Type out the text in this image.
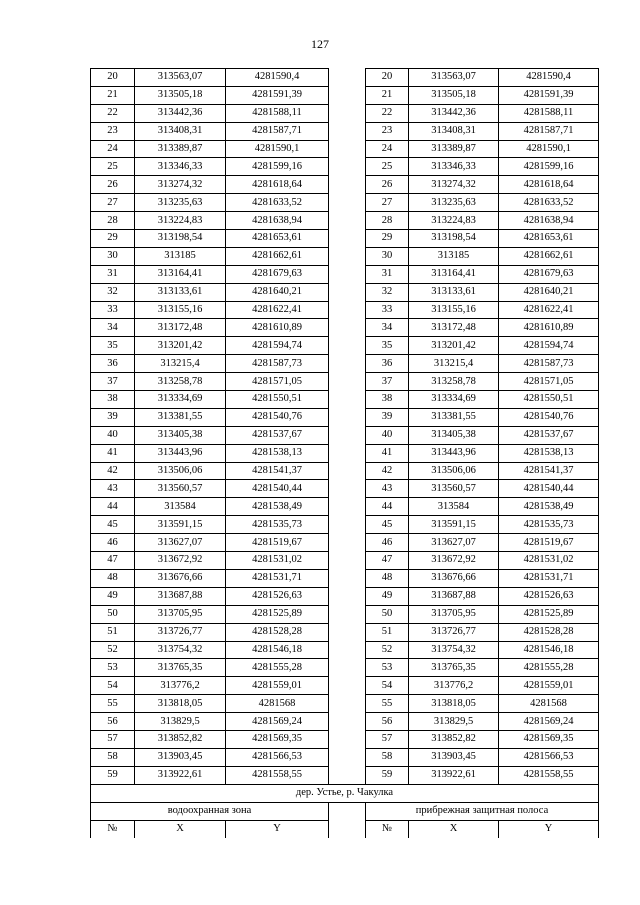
127
20	313563,07	4281590,4		20	313563,07	4281590,4
21	313505,18	4281591,39		21	313505,18	4281591,39
22	313442,36	4281588,11		22	313442,36	4281588,11
23	313408,31	4281587,71		23	313408,31	4281587,71
24	313389,87	4281590,1		24	313389,87	4281590,1
25	313346,33	4281599,16		25	313346,33	4281599,16
26	313274,32	4281618,64		26	313274,32	4281618,64
27	313235,63	4281633,52		27	313235,63	4281633,52
28	313224,83	4281638,94		28	313224,83	4281638,94
29	313198,54	4281653,61		29	313198,54	4281653,61
30	313185	4281662,61		30	313185	4281662,61
31	313164,41	4281679,63		31	313164,41	4281679,63
32	313133,61	4281640,21		32	313133,61	4281640,21
33	313155,16	4281622,41		33	313155,16	4281622,41
34	313172,48	4281610,89		34	313172,48	4281610,89
35	313201,42	4281594,74		35	313201,42	4281594,74
36	313215,4	4281587,73		36	313215,4	4281587,73
37	313258,78	4281571,05		37	313258,78	4281571,05
38	313334,69	4281550,51		38	313334,69	4281550,51
39	313381,55	4281540,76		39	313381,55	4281540,76
40	313405,38	4281537,67		40	313405,38	4281537,67
41	313443,96	4281538,13		41	313443,96	4281538,13
42	313506,06	4281541,37		42	313506,06	4281541,37
43	313560,57	4281540,44		43	313560,57	4281540,44
44	313584	4281538,49		44	313584	4281538,49
45	313591,15	4281535,73		45	313591,15	4281535,73
46	313627,07	4281519,67		46	313627,07	4281519,67
47	313672,92	4281531,02		47	313672,92	4281531,02
48	313676,66	4281531,71		48	313676,66	4281531,71
49	313687,88	4281526,63		49	313687,88	4281526,63
50	313705,95	4281525,89		50	313705,95	4281525,89
51	313726,77	4281528,28		51	313726,77	4281528,28
52	313754,32	4281546,18		52	313754,32	4281546,18
53	313765,35	4281555,28		53	313765,35	4281555,28
54	313776,2	4281559,01		54	313776,2	4281559,01
55	313818,05	4281568		55	313818,05	4281568
56	313829,5	4281569,24		56	313829,5	4281569,24
57	313852,82	4281569,35		57	313852,82	4281569,35
58	313903,45	4281566,53		58	313903,45	4281566,53
59	313922,61	4281558,55		59	313922,61	4281558,55
дер. Устье, р. Чакулка						
водоохранная зона				прибрежная защитная полоса		
№	X	Y		№	X	Y
